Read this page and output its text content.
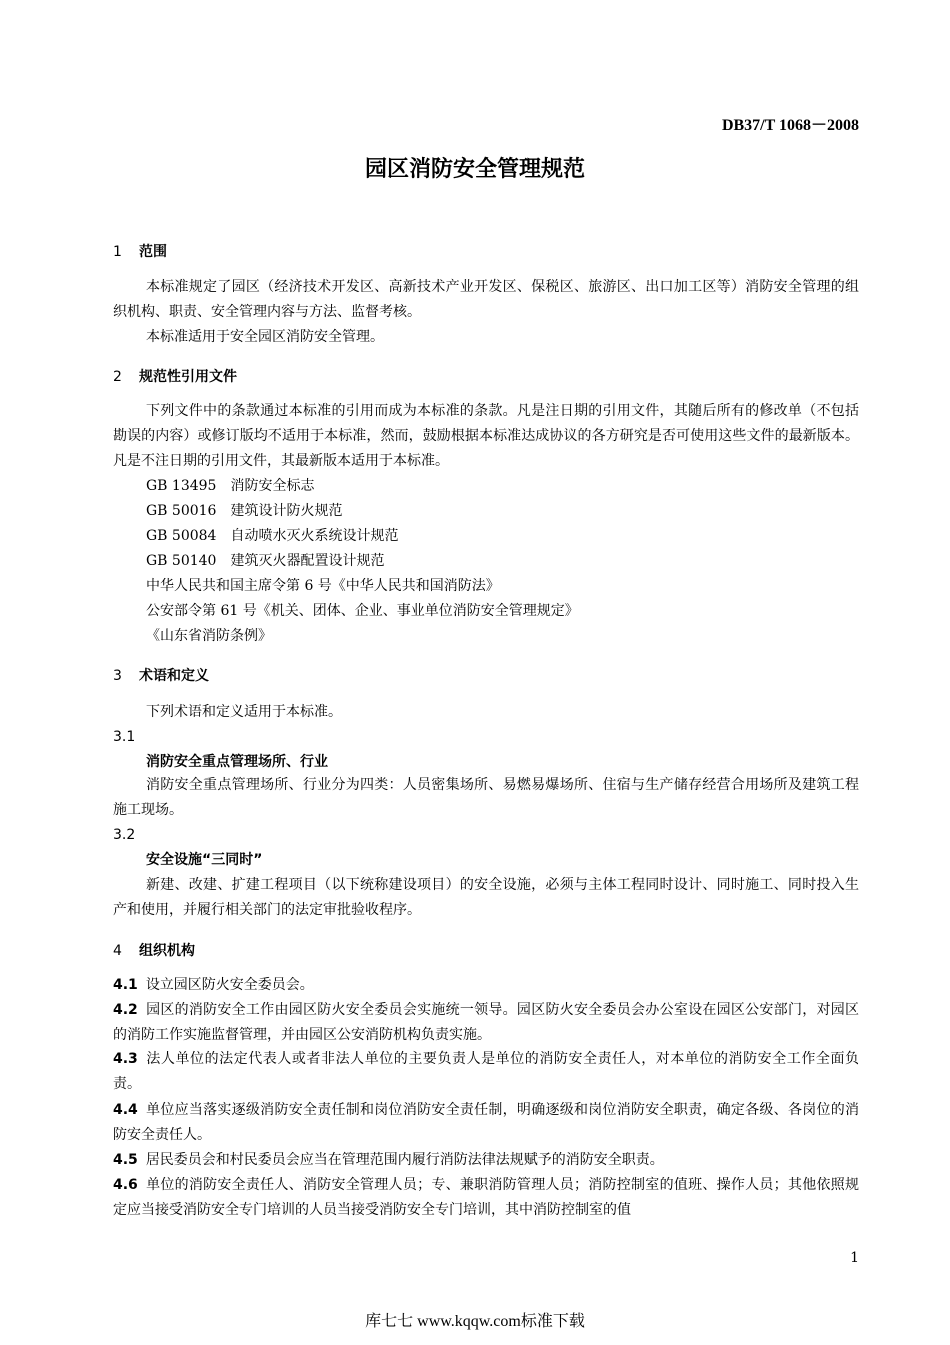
DB37/T 1068－2008
园区消防安全管理规范
1 范围
本标准规定了园区（经济技术开发区、高新技术产业开发区、保税区、旅游区、出口加工区等）消防安全管理的组织机构、职责、安全管理内容与方法、监督考核。
本标准适用于安全园区消防安全管理。
2 规范性引用文件
下列文件中的条款通过本标准的引用而成为本标准的条款。凡是注日期的引用文件，其随后所有的修改单（不包括勘误的内容）或修订版均不适用于本标准，然而，鼓励根据本标准达成协议的各方研究是否可使用这些文件的最新版本。凡是不注日期的引用文件，其最新版本适用于本标准。
GB 13495　消防安全标志
GB 50016　建筑设计防火规范
GB 50084　自动喷水灭火系统设计规范
GB 50140　建筑灭火器配置设计规范
中华人民共和国主席令第 6 号《中华人民共和国消防法》
公安部令第 61 号《机关、团体、企业、事业单位消防安全管理规定》
《山东省消防条例》
3 术语和定义
下列术语和定义适用于本标准。
3.1
消防安全重点管理场所、行业
消防安全重点管理场所、行业分为四类：人员密集场所、易燃易爆场所、住宿与生产储存经营合用场所及建筑工程施工现场。
3.2
安全设施“三同时”
新建、改建、扩建工程项目（以下统称建设项目）的安全设施，必须与主体工程同时设计、同时施工、同时投入生产和使用，并履行相关部门的法定审批验收程序。
4 组织机构
4.1 设立园区防火安全委员会。
4.2 园区的消防安全工作由园区防火安全委员会实施统一领导。园区防火安全委员会办公室设在园区公安部门，对园区的消防工作实施监督管理，并由园区公安消防机构负责实施。
4.3 法人单位的法定代表人或者非法人单位的主要负责人是单位的消防安全责任人，对本单位的消防安全工作全面负责。
4.4 单位应当落实逐级消防安全责任制和岗位消防安全责任制，明确逐级和岗位消防安全职责，确定各级、各岗位的消防安全责任人。
4.5 居民委员会和村民委员会应当在管理范围内履行消防法律法规赋予的消防安全职责。
4.6 单位的消防安全责任人、消防安全管理人员；专、兼职消防管理人员；消防控制室的值班、操作人员；其他依照规定应当接受消防安全专门培训的人员当接受消防安全专门培训，其中消防控制室的值
1
库七七 www.kqqw.com标准下载
